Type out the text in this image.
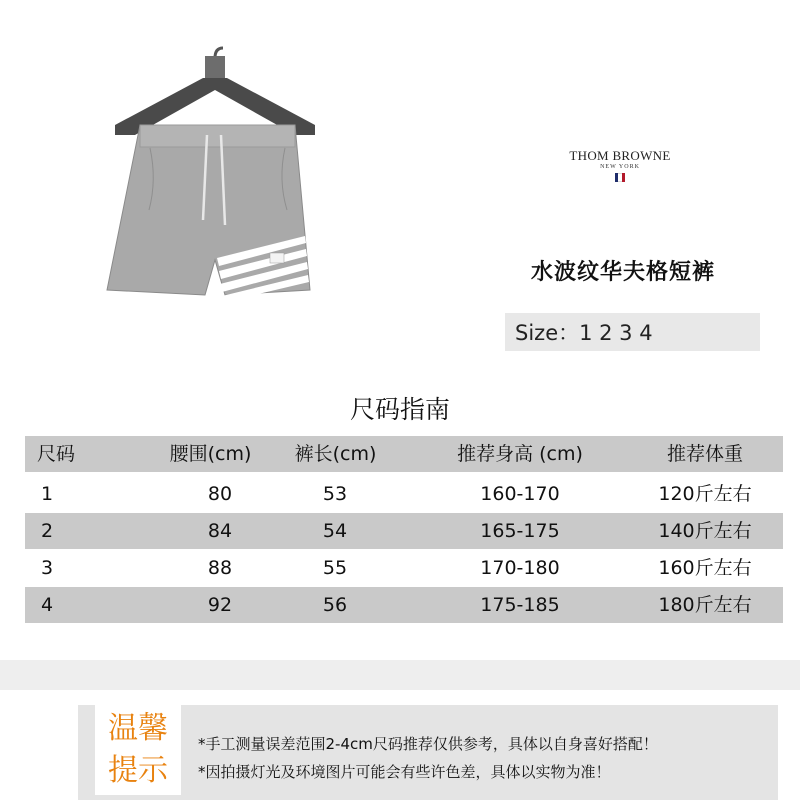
THOM BROWNE
NEW YORK
水波纹华夫格短裤
Size：1 2 3 4
尺码指南
尺码	腰围(cm)	裤长(cm)	推荐身高 (cm)	推荐体重
1	80	53	160-170	120斤左右
2	84	54	165-175	140斤左右
3	88	55	170-180	160斤左右
4	92	56	175-185	180斤左右
温馨
提示
*手工测量误差范围2-4cm尺码推荐仅供参考，具体以自身喜好搭配！
*因拍摄灯光及环境图片可能会有些许色差，具体以实物为准！
